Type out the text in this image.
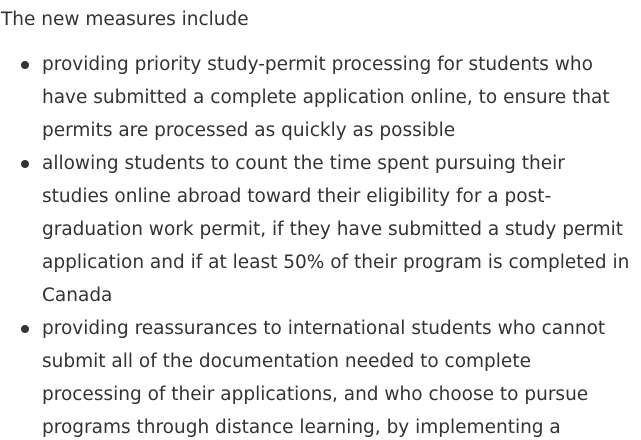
The new measures include
providing priority study-permit processing for students who
have submitted a complete application online, to ensure that
permits are processed as quickly as possible
allowing students to count the time spent pursuing their
studies online abroad toward their eligibility for a post-
graduation work permit, if they have submitted a study permit
application and if at least 50% of their program is completed in
Canada
providing reassurances to international students who cannot
submit all of the documentation needed to complete
processing of their applications, and who choose to pursue
programs through distance learning, by implementing a
